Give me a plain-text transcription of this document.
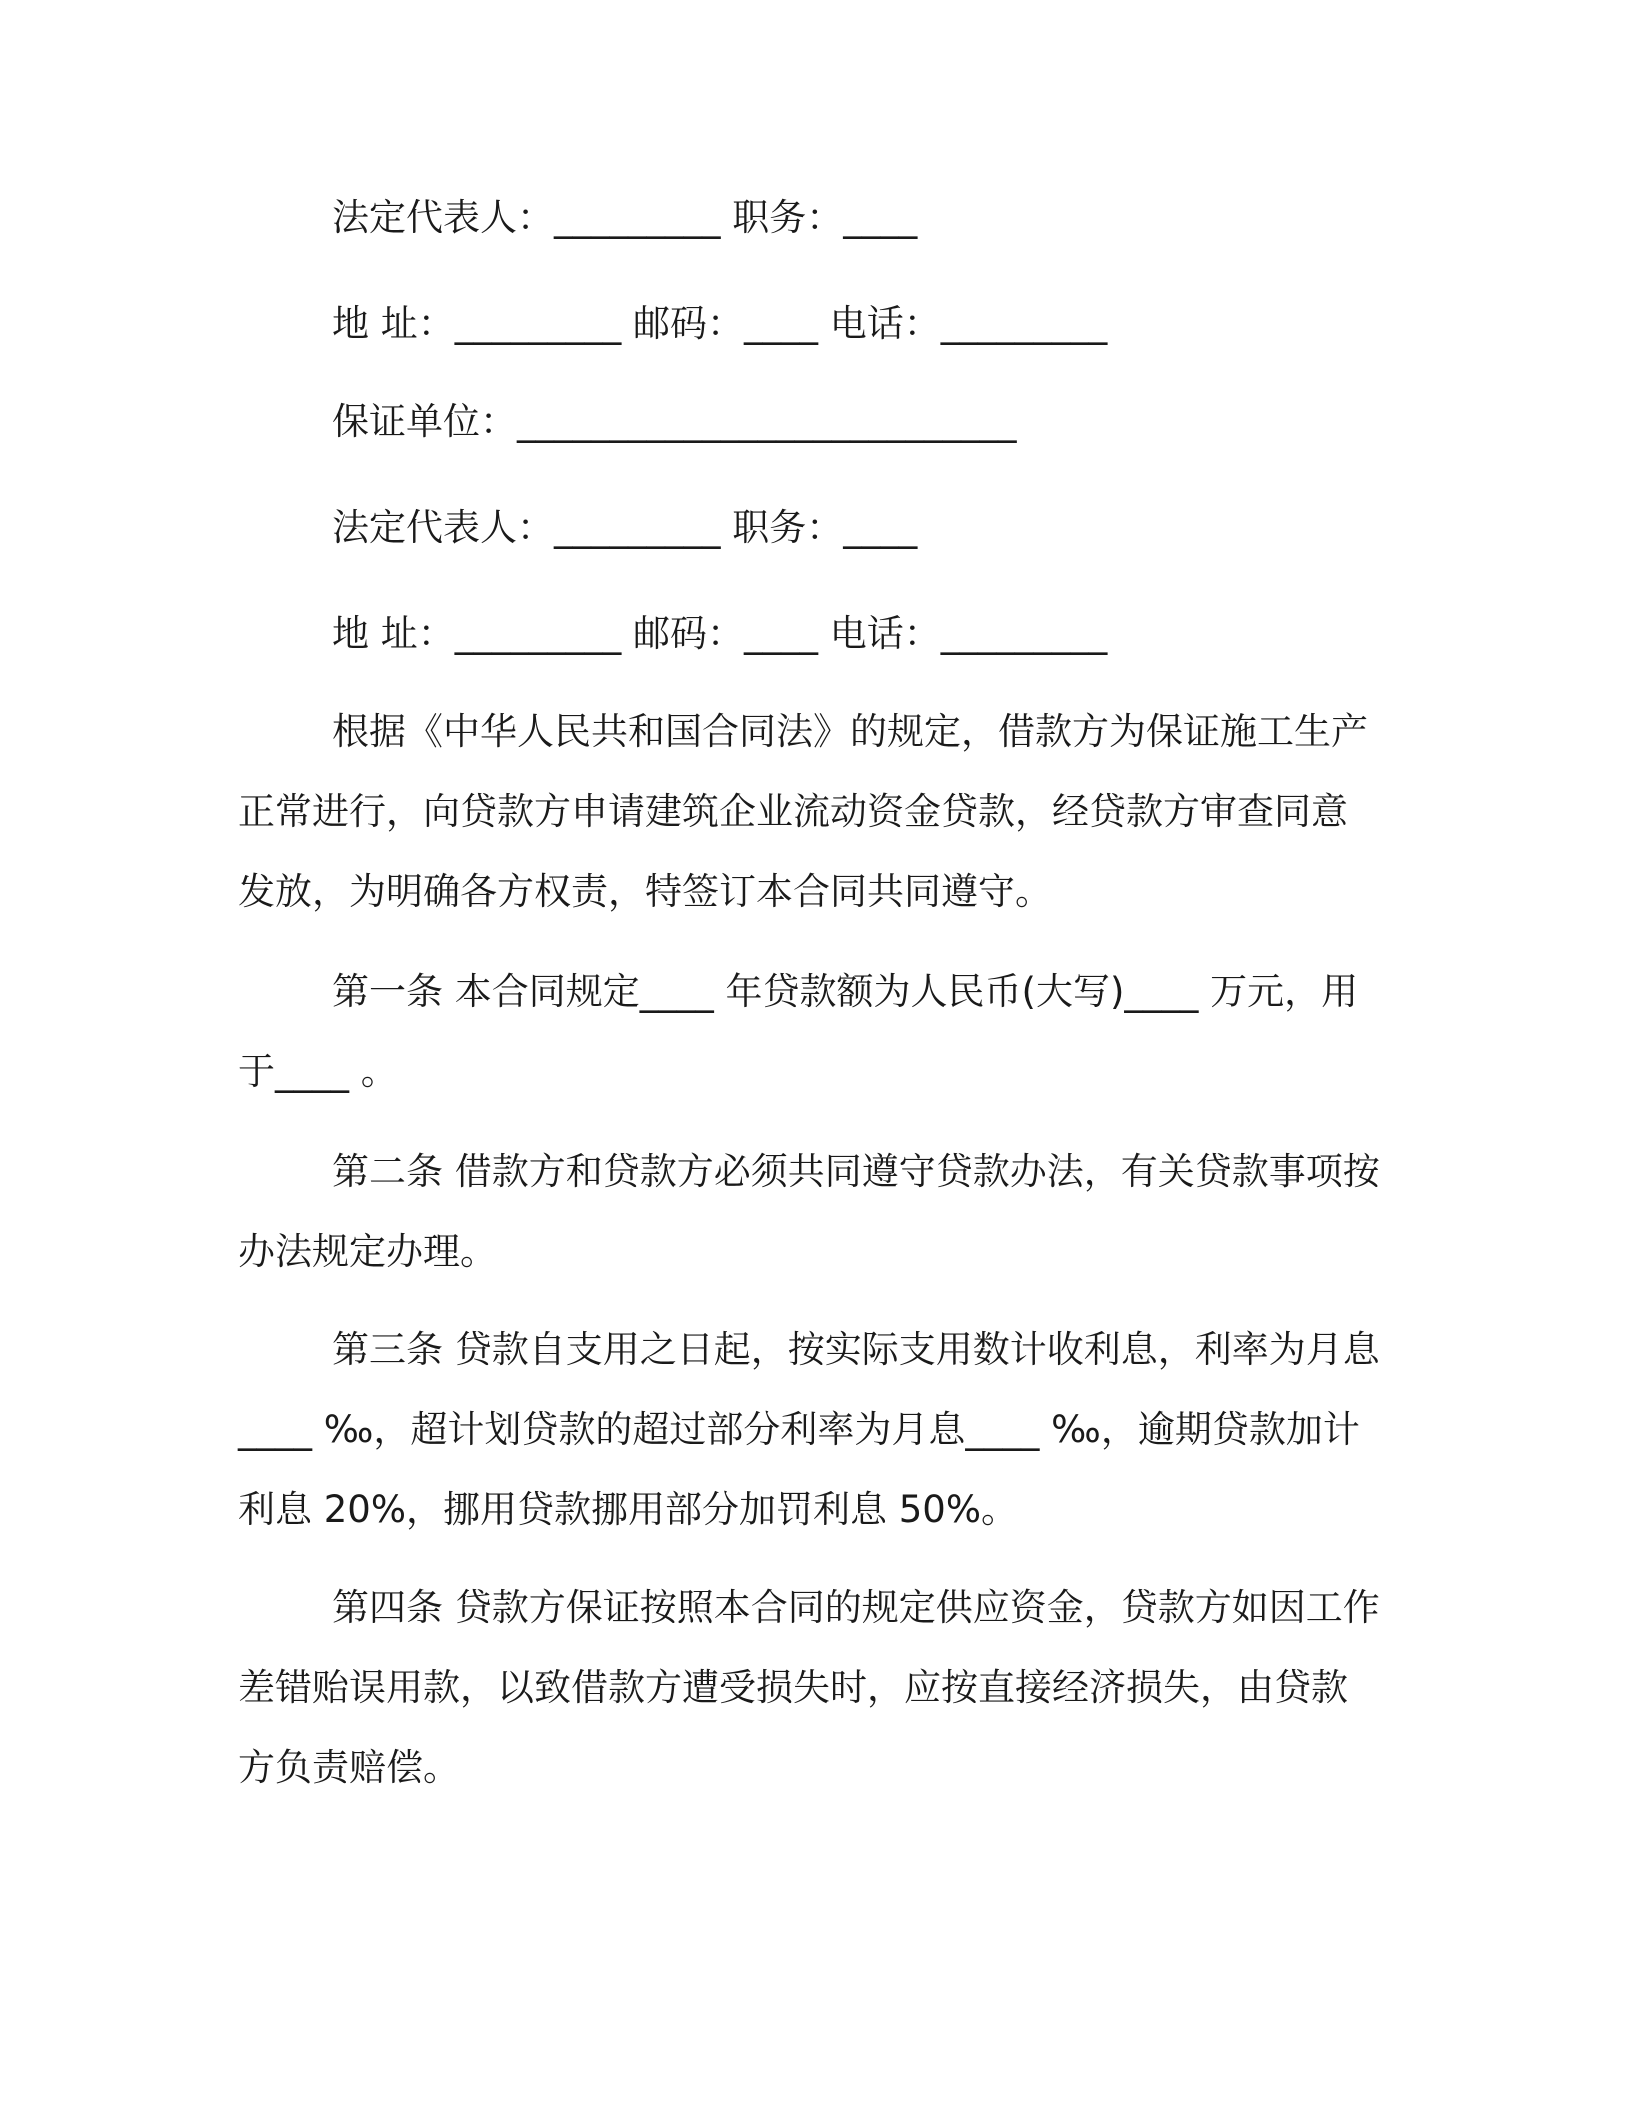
法定代表人：_________ 职务：____
地 址：_________ 邮码：____ 电话：_________
保证单位：___________________________
法定代表人：_________ 职务：____
地 址：_________ 邮码：____ 电话：_________
根据《中华人民共和国合同法》的规定，借款方为保证施工生产
正常进行，向贷款方申请建筑企业流动资金贷款，经贷款方审查同意
发放，为明确各方权责，特签订本合同共同遵守。
第一条 本合同规定____ 年贷款额为人民币(大写)____ 万元，用
于____ 。
第二条 借款方和贷款方必须共同遵守贷款办法，有关贷款事项按
办法规定办理。
第三条 贷款自支用之日起，按实际支用数计收利息，利率为月息
____ ‰，超计划贷款的超过部分利率为月息____ ‰，逾期贷款加计
利息 20%，挪用贷款挪用部分加罚利息 50%。
第四条 贷款方保证按照本合同的规定供应资金，贷款方如因工作
差错贻误用款，以致借款方遭受损失时，应按直接经济损失，由贷款
方负责赔偿。
